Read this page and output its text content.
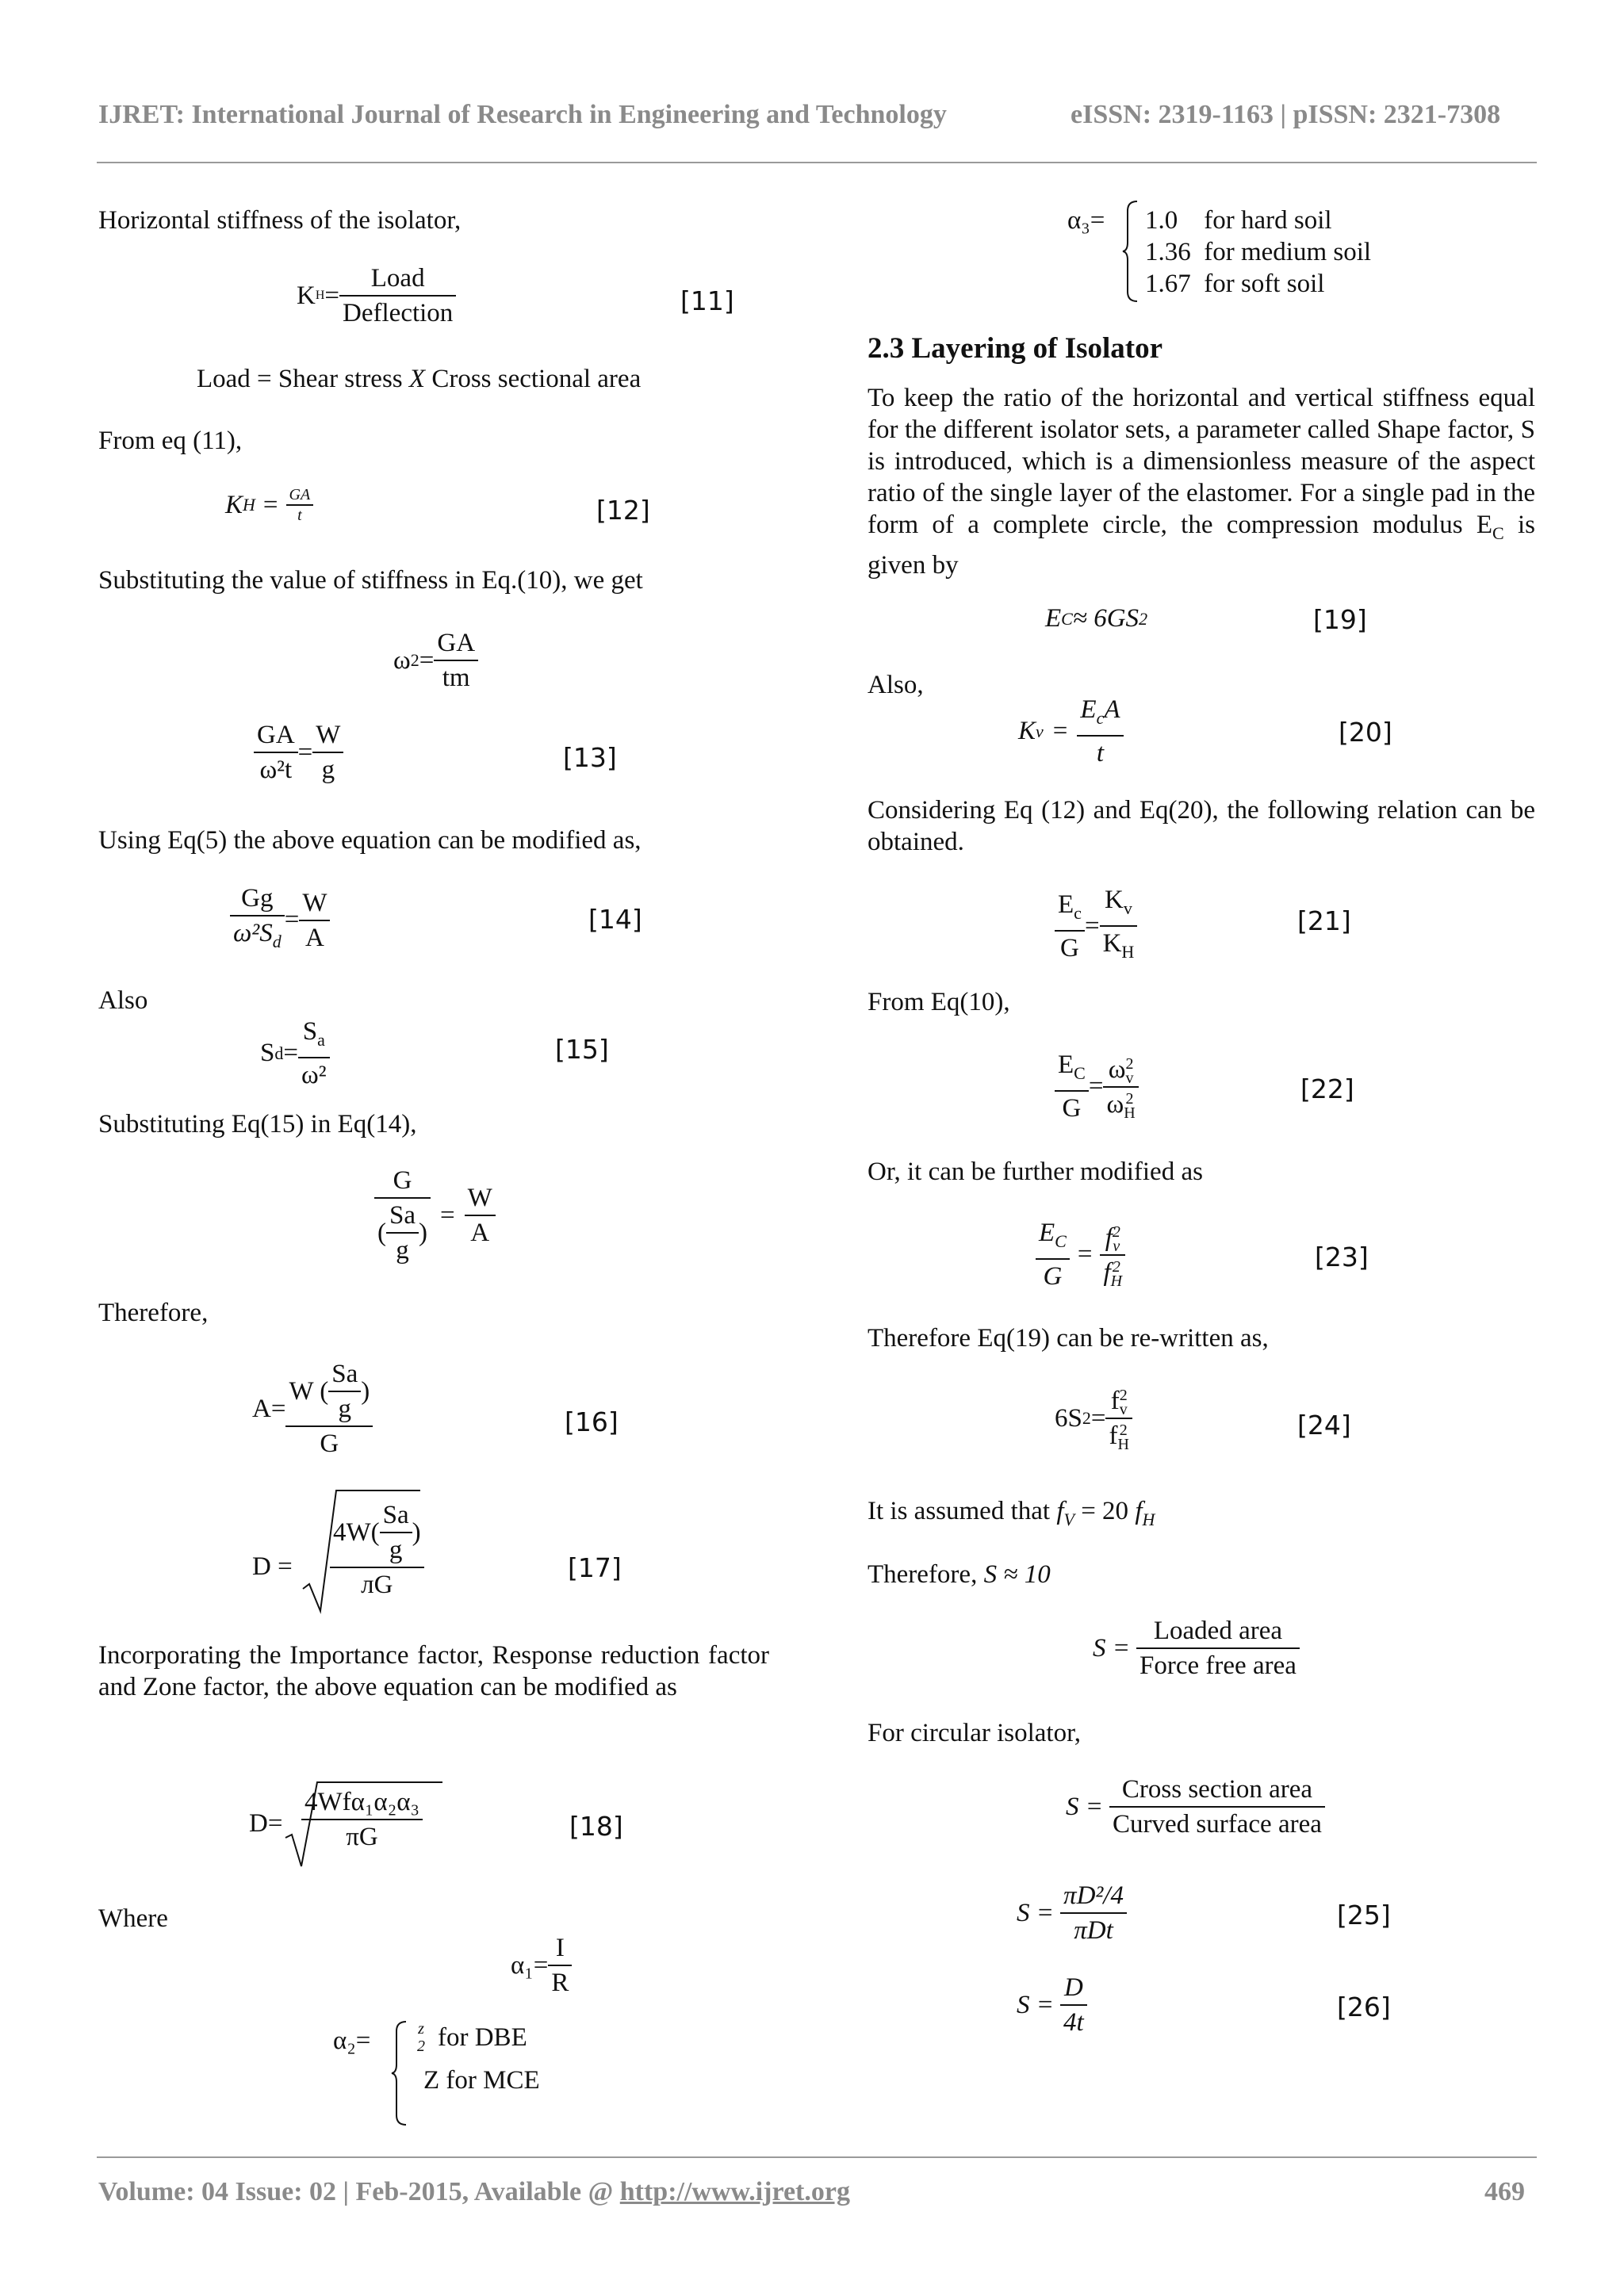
IJRET: International Journal of Research in Engineering and Technology	eISSN: 2319-1163 | pISSN: 2321-7308
Horizontal stiffness of the isolator,
K $H = \frac{\text{Load}}{\text{Deflection}}$	[11]
Load = Shear stress X Cross sectional area
From eq (11),
K $H = \frac{GA}{t}$	[12]
Substituting the value of stiffness in Eq.(10), we get
ω $2 = \frac{GA}{tm}$
$\frac{GA}{\text{ω²t}} = \frac{W}{g}$	[13]
Using Eq(5) the above equation can be modified as,
$\frac{Gg}{\omega^2S_d} = \frac{W}{A}$	[14]
Also
S $d = \frac{S_a}{\text{ω²}}$	[15]
Substituting Eq(15) in Eq(14),
$\frac{G}{( \frac{Sa}{g} )} = \frac{W}{A}$
Therefore,
$A= \frac{W ( \frac{Sa}{g} )}{G}$	[16]
$D = \frac{4W( \frac{Sa}{g} )}{лG}$	[17]
Incorporating the Importance factor, Response reduction factor and Zone factor, the above equation can be modified as
$D= \frac{\text{4Wfα₁α₂α₃}}{\pi G}$	[18]
Where
$\alpha_1= \frac{I}{R}$
α₂=	z
2 for DBE
Z for MCE
α₃= 1.0    for hard soil
1.36  for medium soil
1.67  for soft soil
2.3 Layering of Isolator
To keep the ratio of the horizontal and vertical stiffness equal for the different isolator sets, a parameter called Shape factor, S is introduced, which is a dimensionless measure of the aspect ratio of the single layer of the elastomer. For a single pad in the form of a complete circle, the compression modulus $E_C$ is given by
E C ≈ 6GS 2	[19]
Also,
K $v = \frac{E_cA}{t}$	[20]
Considering Eq (12) and Eq(20), the following relation can be obtained.
$\frac{E_c}{G} = \frac{K_v}{K_H}$	[21]
From Eq(10),
$\frac{E_C}{G} = \omega$ 2
v
ω 2
H	[22]
Or, it can be further modified as
$\frac{E_C}{G} = f$ 2
v
f 2
H	[23]
Therefore Eq(19) can be re-written as,
6S 2 = f 2
v
f 2
H	[24]
It is assumed that $f_V = 20$ $f_H$
Therefore, S ≈ 10
$S = \frac{\text{Loaded area}}{\text{Force free area}}$
For circular isolator,
$S = \frac{\text{Cross section area}}{\text{Curved surface area}}$
$S = \frac{\text{πD²/4}}{\text{πDt}}$	[25]
$S = \frac{D}{4t}$	[26]
Volume: 04 Issue: 02 | Feb-2015, Available @ http://www.ijret.org	469
